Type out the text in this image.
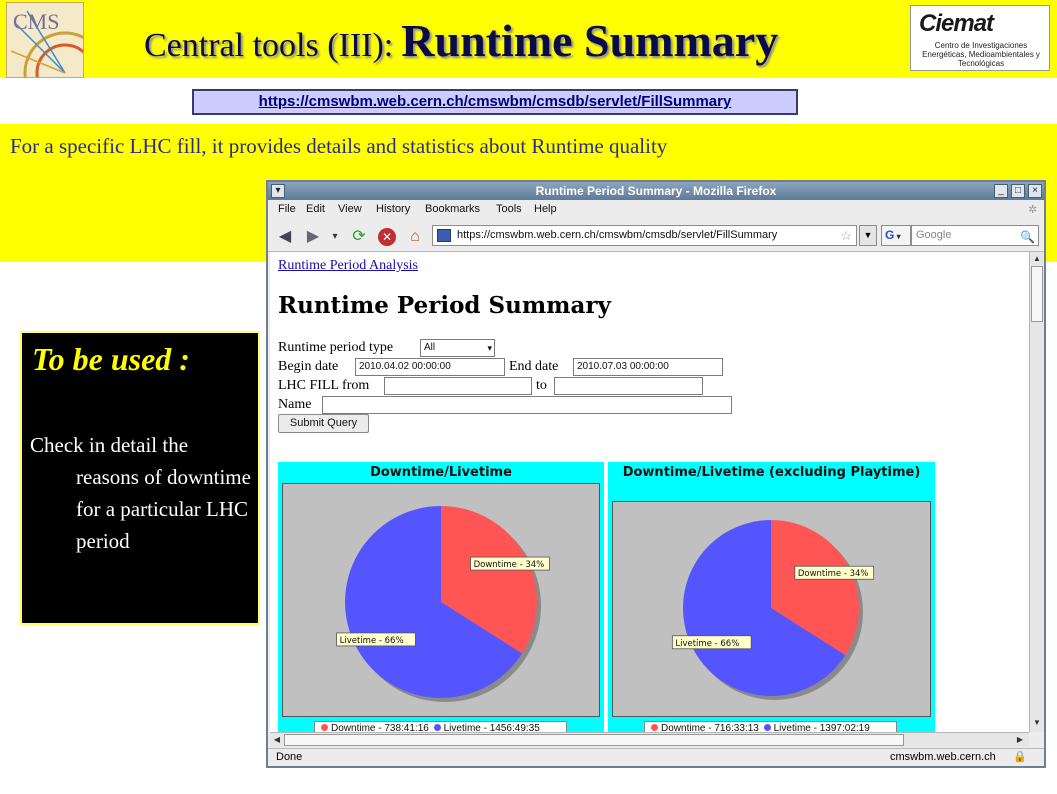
CMS
Central tools (III): Runtime Summary	Ciemat
Centro de Investigaciones Energéticas, Medioambientales y Tecnológicas
https://cmswbm.web.cern.ch/cmswbm/cmsdb/servlet/FillSummary
For a specific LHC fill, it provides details and statistics about Runtime quality
To be used :
Check in detail the reasons of downtime for a particular LHC period
▾	Runtime Period Summary - Mozilla Firefox	_	□	×
File Edit View History Bookmarks Tools Help	✲
◀ ▶	▾ ⟳	✕ ⌂	https://cmswbm.web.cern.ch/cmswbm/cmsdb/servlet/FillSummary	☆	▼	G ▾	Google	🔍
Runtime Period Analysis
Runtime Period Summary
Runtime period type	All	▾
Begin date	2010.04.02 00:00:00	End date	2010.07.03 00:00:00
LHC FILL from	to
Name
Submit Query
Downtime/Livetime
Downtime - 34%
Livetime - 66%
Downtime - 738:41:16 Livetime - 1456:49:35
Downtime/Livetime (excluding Playtime)
Downtime - 34%
Livetime - 66%
Downtime - 716:33:13 Livetime - 1397:02:19
▲
▼
◀	▶
Done	cmswbm.web.cern.ch 🔒
